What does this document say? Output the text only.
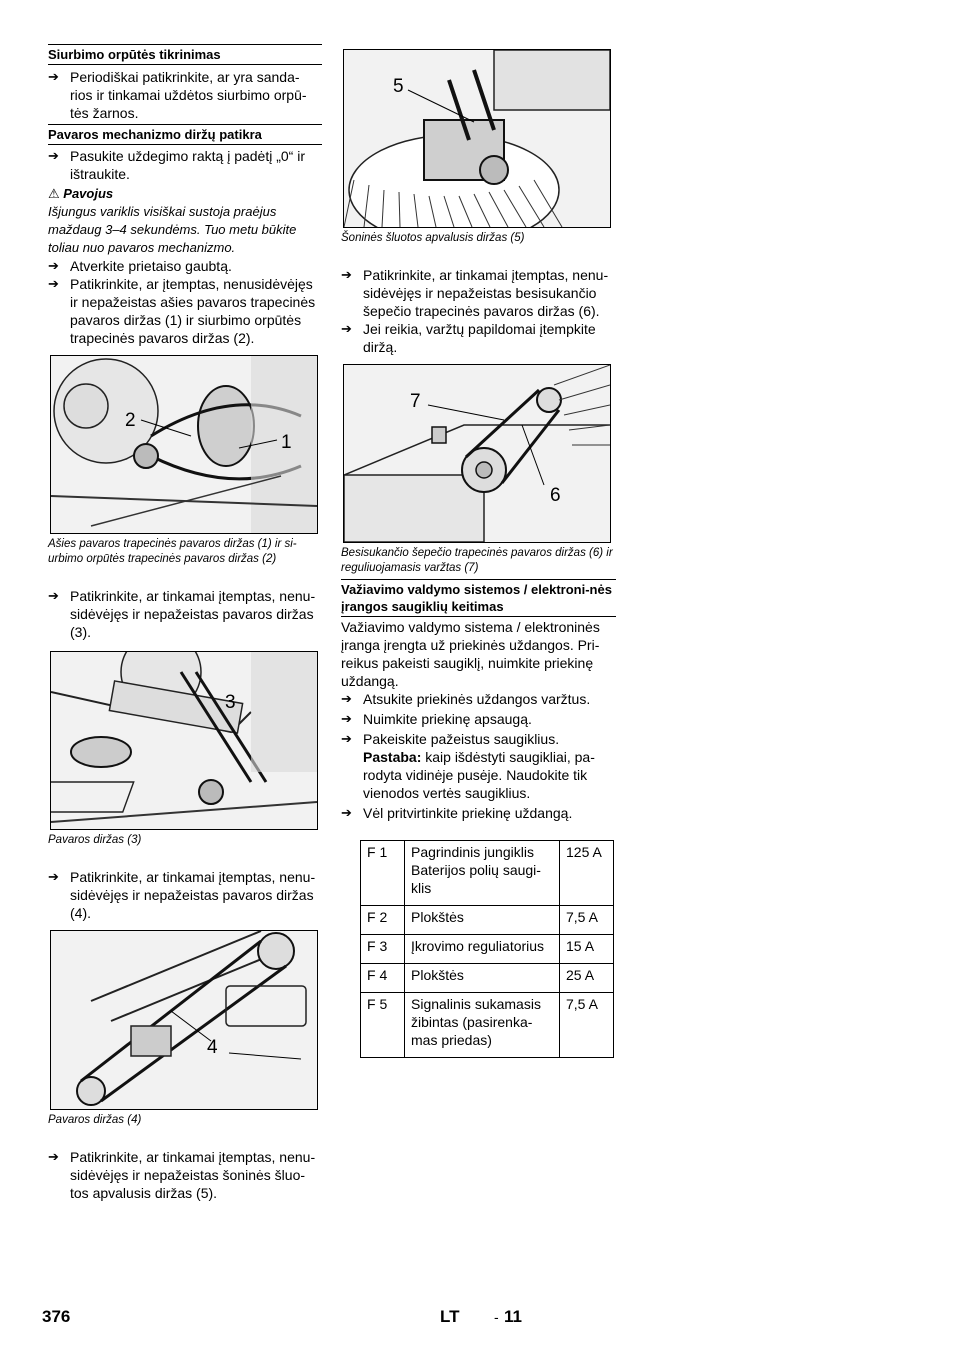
Siurbimo orpūtės tikrinimas
➔ Periodiškai patikrinkite, ar yra sanda-rios ir tinkamai uždėtos siurbimo orpū-tės žarnos.
Pavaros mechanizmo diržų patikra
➔ Pasukite uždegimo raktą į padėtį „0“ ir ištraukite.
⚠ Pavojus
Išjungus variklis visiškai sustoja praėjus maždaug 3–4 sekundėms. Tuo metu būkite toliau nuo pavaros mechanizmo.
➔ Atverkite prietaiso gaubtą.
➔ Patikrinkite, ar įtemptas, nenusidėvėjęs ir nepažeistas ašies pavaros trapecinės pavaros diržas (1) ir siurbimo orpūtės trapecinės pavaros diržas (2).
2
1
Ašies pavaros trapecinės pavaros diržas (1) ir si-urbimo orpūtės trapecinės pavaros diržas (2)
➔ Patikrinkite, ar tinkamai įtemptas, nenu-sidėvėjęs ir nepažeistas pavaros diržas (3).
3
Pavaros diržas (3)
➔ Patikrinkite, ar tinkamai įtemptas, nenu-sidėvėjęs ir nepažeistas pavaros diržas (4).
4
Pavaros diržas (4)
➔ Patikrinkite, ar tinkamai įtemptas, nenu-sidėvėjęs ir nepažeistas šoninės šluo-tos apvalusis diržas (5).
5
Šoninės šluotos apvalusis diržas (5)
➔ Patikrinkite, ar tinkamai įtemptas, nenu-sidėvėjęs ir nepažeistas besisukančio šepečio trapecinės pavaros diržas (6).
➔ Jei reikia, varžtų papildomai įtempkite diržą.
7
6
Besisukančio šepečio trapecinės pavaros diržas (6) ir reguliuojamasis varžtas (7)
Važiavimo valdymo sistemos / elektroni-nės įrangos saugiklių keitimas
Važiavimo valdymo sistema / elektroninės įranga įrengta už priekinės uždangos. Pri-reikus pakeisti saugiklį, nuimkite priekinę uždangą.
➔ Atsukite priekinės uždangos varžtus.
➔ Nuimkite priekinę apsaugą.
➔ Pakeiskite pažeistus saugiklius.
Pastaba: kaip išdėstyti saugikliai, pa-rodyta vidinėje pusėje. Naudokite tik vienodos vertės saugiklius.
➔ Vėl pritvirtinkite priekinę uždangą.
F 1	Pagrindinis jungiklis Baterijos polių saugi-klis	125 A
F 2	Plokštės	7,5 A
F 3	Įkrovimo reguliatorius	15 A
F 4	Plokštės	25 A
F 5	Signalinis sukamasis žibintas (pasirenka-mas priedas)	7,5 A
376	LT - 11
